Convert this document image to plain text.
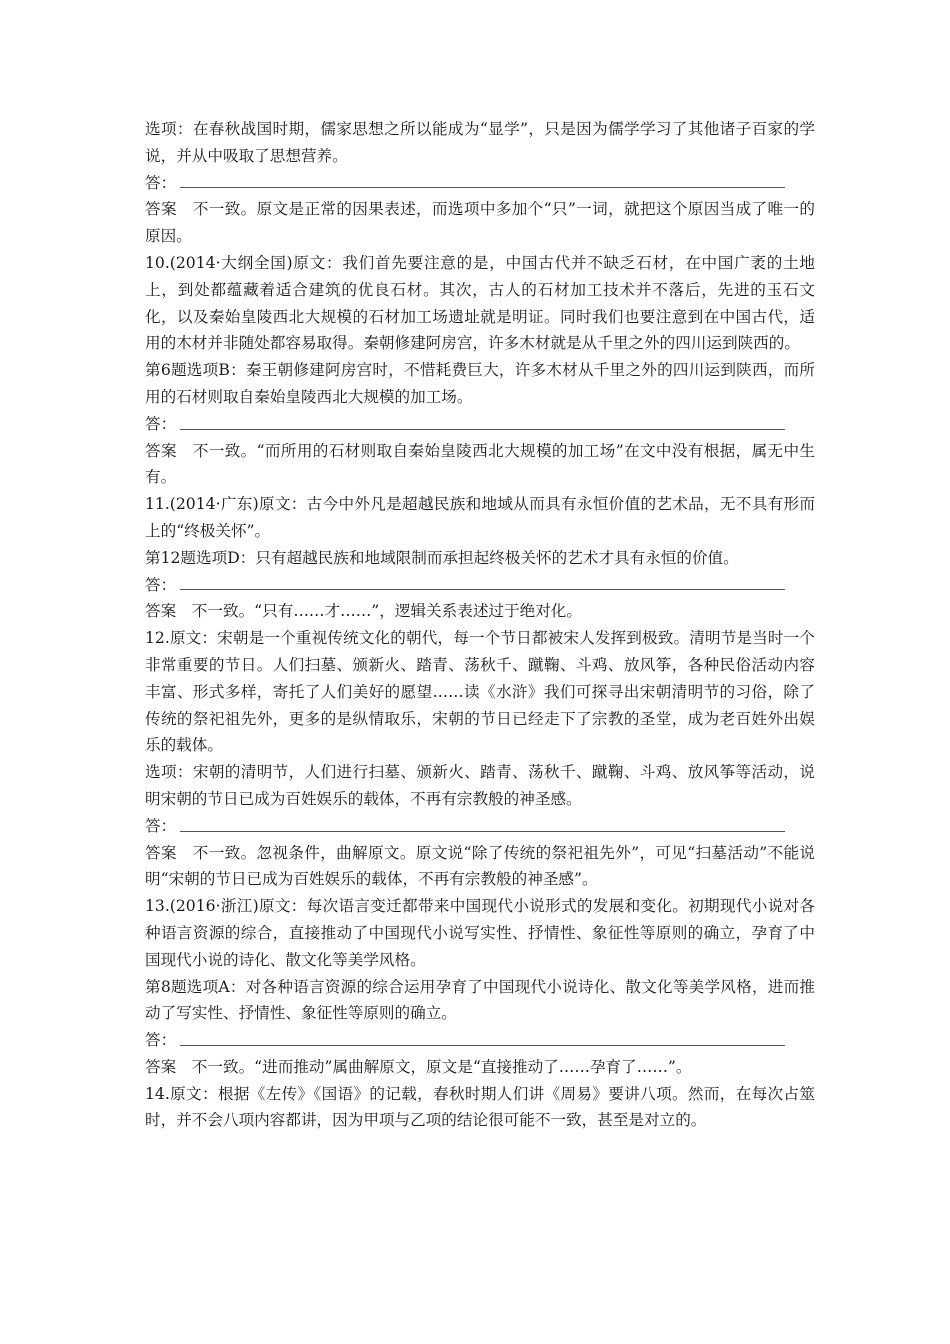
选项：在春秋战国时期，儒家思想之所以能成为“显学”，只是因为儒学学习了其他诸子百家的学说，并从中吸取了思想营养。

答：

答案　不一致。原文是正常的因果表述，而选项中多加个“只”一词，就把这个原因当成了唯一的原因。

10.(2014·大纲全国)原文：我们首先要注意的是，中国古代并不缺乏石材，在中国广袤的土地上，到处都蕴藏着适合建筑的优良石材。其次，古人的石材加工技术并不落后，先进的玉石文化，以及秦始皇陵西北大规模的石材加工场遗址就是明证。同时我们也要注意到在中国古代，适用的木材并非随处都容易取得。秦朝修建阿房宫，许多木材就是从千里之外的四川运到陕西的。

第6题选项B：秦王朝修建阿房宫时，不惜耗费巨大，许多木材从千里之外的四川运到陕西，而所用的石材则取自秦始皇陵西北大规模的加工场。

答：

答案　不一致。“而所用的石材则取自秦始皇陵西北大规模的加工场”在文中没有根据，属无中生有。

11.(2014·广东)原文：古今中外凡是超越民族和地域从而具有永恒价值的艺术品，无不具有形而上的“终极关怀”。

第12题选项D：只有超越民族和地域限制而承担起终极关怀的艺术才具有永恒的价值。

答：

答案　不一致。“只有……才……”，逻辑关系表述过于绝对化。

12.原文：宋朝是一个重视传统文化的朝代，每一个节日都被宋人发挥到极致。清明节是当时一个非常重要的节日。人们扫墓、颁新火、踏青、荡秋千、蹴鞠、斗鸡、放风筝，各种民俗活动内容丰富、形式多样，寄托了人们美好的愿望……读《水浒》我们可探寻出宋朝清明节的习俗，除了传统的祭祀祖先外，更多的是纵情取乐，宋朝的节日已经走下了宗教的圣堂，成为老百姓外出娱乐的载体。

选项：宋朝的清明节，人们进行扫墓、颁新火、踏青、荡秋千、蹴鞠、斗鸡、放风筝等活动，说明宋朝的节日已成为百姓娱乐的载体，不再有宗教般的神圣感。

答：

答案　不一致。忽视条件，曲解原文。原文说“除了传统的祭祀祖先外”，可见“扫墓活动”不能说明“宋朝的节日已成为百姓娱乐的载体，不再有宗教般的神圣感”。

13.(2016·浙江)原文：每次语言变迁都带来中国现代小说形式的发展和变化。初期现代小说对各种语言资源的综合，直接推动了中国现代小说写实性、抒情性、象征性等原则的确立，孕育了中国现代小说的诗化、散文化等美学风格。

第8题选项A：对各种语言资源的综合运用孕育了中国现代小说诗化、散文化等美学风格，进而推动了写实性、抒情性、象征性等原则的确立。

答：

答案　不一致。“进而推动”属曲解原文，原文是“直接推动了……孕育了……”。

14.原文：根据《左传》《国语》的记载，春秋时期人们讲《周易》要讲八项。然而，在每次占筮时，并不会八项内容都讲，因为甲项与乙项的结论很可能不一致，甚至是对立的。
